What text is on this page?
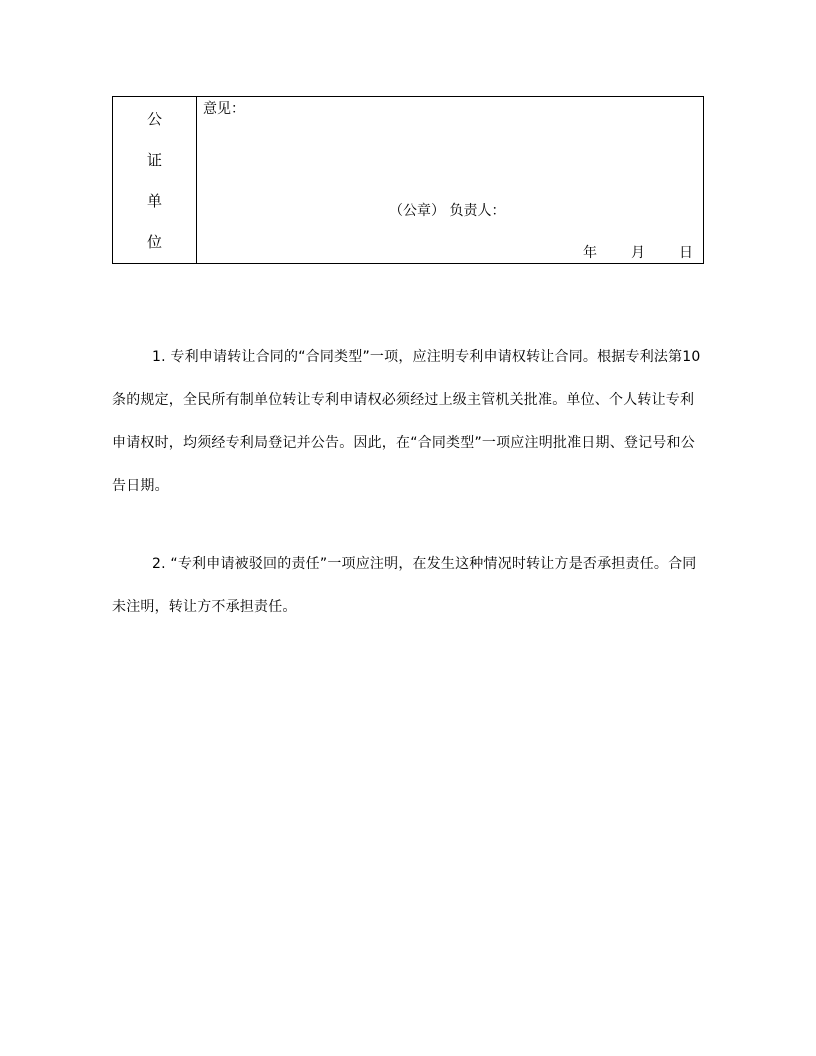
公
证
单
位
意见：
（公章） 负责人：
年	月	日

1. 专利申请转让合同的“合同类型”一项，应注明专利申请权转让合同。根据专利法第10条的规定，全民所有制单位转让专利申请权必须经过上级主管机关批准。单位、个人转让专利申请权时，均须经专利局登记并公告。因此，在“合同类型”一项应注明批准日期、登记号和公告日期。

2. “专利申请被驳回的责任”一项应注明，在发生这种情况时转让方是否承担责任。合同未注明，转让方不承担责任。
